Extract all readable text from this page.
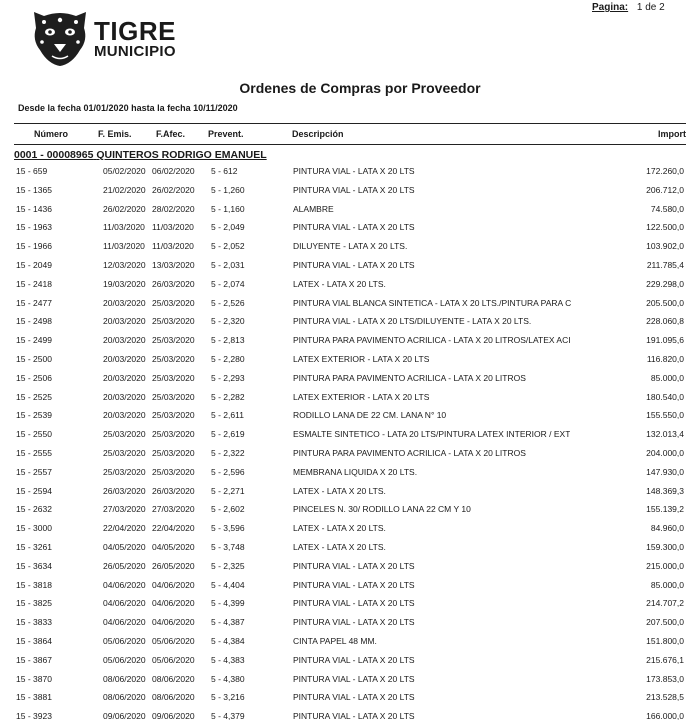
Pagina: 1 de 2
TIGRE
MUNICIPIO
Ordenes de Compras por Proveedor
Desde la fecha 01/01/2020 hasta la fecha 10/11/2020
Número	F. Emis.	F.Afec.	Prevent.	Descripción	Import
0001 - 00008965 QUINTEROS RODRIGO EMANUEL
15 - 659	05/02/2020 06/02/2020 5 - 612	PINTURA VIAL - LATA X 20 LTS	172.260,0
15 - 1365	21/02/2020 26/02/2020 5 - 1,260	PINTURA VIAL - LATA X 20 LTS	206.712,0
15 - 1436	26/02/2020 28/02/2020 5 - 1,160	ALAMBRE	74.580,0
15 - 1963	11/03/2020 11/03/2020 5 - 2,049	PINTURA VIAL - LATA X 20 LTS	122.500,0
15 - 1966	11/03/2020 11/03/2020 5 - 2,052	DILUYENTE - LATA X 20 LTS.	103.902,0
15 - 2049	12/03/2020 13/03/2020 5 - 2,031	PINTURA VIAL - LATA X 20 LTS	211.785,4
15 - 2418	19/03/2020 26/03/2020 5 - 2,074	LATEX - LATA X 20 LTS.	229.298,0
15 - 2477	20/03/2020 25/03/2020 5 - 2,526	PINTURA VIAL BLANCA SINTETICA - LATA X 20 LTS./PINTURA PARA C	205.500,0
15 - 2498	20/03/2020 25/03/2020 5 - 2,320	PINTURA VIAL - LATA X 20 LTS/DILUYENTE - LATA X 20 LTS.	228.060,8
15 - 2499	20/03/2020 25/03/2020 5 - 2,813	PINTURA PARA PAVIMENTO ACRILICA - LATA X 20 LITROS/LATEX ACI	191.095,6
15 - 2500	20/03/2020 25/03/2020 5 - 2,280	LATEX EXTERIOR - LATA X 20 LTS	116.820,0
15 - 2506	20/03/2020 25/03/2020 5 - 2,293	PINTURA PARA PAVIMENTO ACRILICA - LATA X 20 LITROS	85.000,0
15 - 2525	20/03/2020 25/03/2020 5 - 2,282	LATEX EXTERIOR - LATA X 20 LTS	180.540,0
15 - 2539	20/03/2020 25/03/2020 5 - 2,611	RODILLO LANA DE 22 CM. LANA N° 10	155.550,0
15 - 2550	25/03/2020 25/03/2020 5 - 2,619	ESMALTE SINTETICO - LATA 20 LTS/PINTURA LATEX INTERIOR / EXT	132.013,4
15 - 2555	25/03/2020 25/03/2020 5 - 2,322	PINTURA PARA PAVIMENTO ACRILICA - LATA X 20 LITROS	204.000,0
15 - 2557	25/03/2020 25/03/2020 5 - 2,596	MEMBRANA LIQUIDA X 20 LTS.	147.930,0
15 - 2594	26/03/2020 26/03/2020 5 - 2,271	LATEX - LATA X 20 LTS.	148.369,3
15 - 2632	27/03/2020 27/03/2020 5 - 2,602	PINCELES N. 30/ RODILLO LANA 22 CM Y 10	155.139,2
15 - 3000	22/04/2020 22/04/2020 5 - 3,596	LATEX - LATA X 20 LTS.	84.960,0
15 - 3261	04/05/2020 04/05/2020 5 - 3,748	LATEX - LATA X 20 LTS.	159.300,0
15 - 3634	26/05/2020 26/05/2020 5 - 2,325	PINTURA VIAL - LATA X 20 LTS	215.000,0
15 - 3818	04/06/2020 04/06/2020 5 - 4,404	PINTURA VIAL - LATA X 20 LTS	85.000,0
15 - 3825	04/06/2020 04/06/2020 5 - 4,399	PINTURA VIAL - LATA X 20 LTS	214.707,2
15 - 3833	04/06/2020 04/06/2020 5 - 4,387	PINTURA VIAL - LATA X 20 LTS	207.500,0
15 - 3864	05/06/2020 05/06/2020 5 - 4,384	CINTA PAPEL 48 MM.	151.800,0
15 - 3867	05/06/2020 05/06/2020 5 - 4,383	PINTURA VIAL - LATA X 20 LTS	215.676,1
15 - 3870	08/06/2020 08/06/2020 5 - 4,380	PINTURA VIAL - LATA X 20 LTS	173.853,0
15 - 3881	08/06/2020 08/06/2020 5 - 3,216	PINTURA VIAL - LATA X 20 LTS	213.528,5
15 - 3923	09/06/2020 09/06/2020 5 - 4,379	PINTURA VIAL - LATA X 20 LTS	166.000,0
